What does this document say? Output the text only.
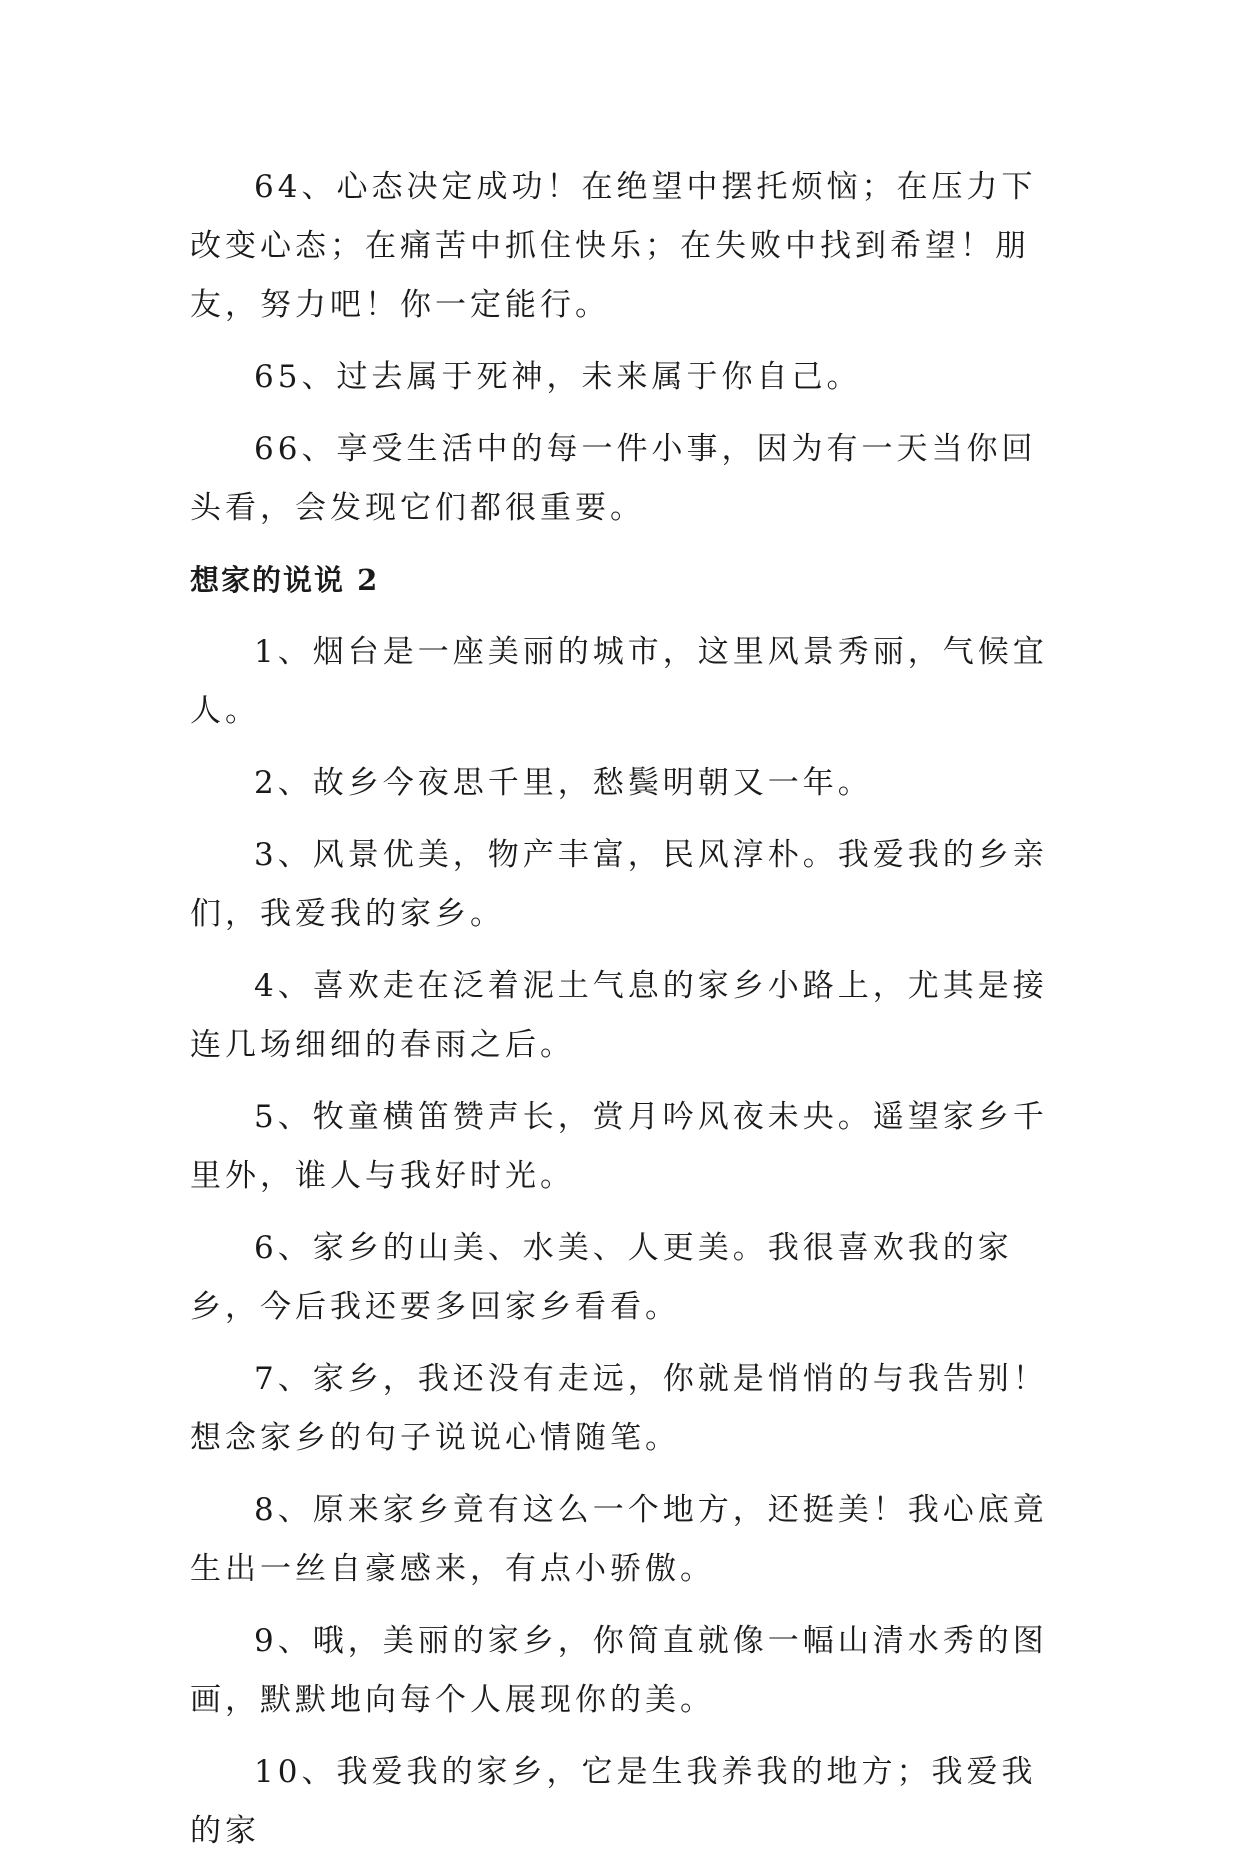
64、心态决定成功！在绝望中摆托烦恼；在压力下改变心态；在痛苦中抓住快乐；在失败中找到希望！朋友，努力吧！你一定能行。

65、过去属于死神，未来属于你自己。

66、享受生活中的每一件小事，因为有一天当你回头看，会发现它们都很重要。

想家的说说 2

1、烟台是一座美丽的城市，这里风景秀丽，气候宜人。

2、故乡今夜思千里，愁鬓明朝又一年。

3、风景优美，物产丰富，民风淳朴。我爱我的乡亲们，我爱我的家乡。

4、喜欢走在泛着泥土气息的家乡小路上，尤其是接连几场细细的春雨之后。

5、牧童横笛赞声长，赏月吟风夜未央。遥望家乡千里外，谁人与我好时光。

6、家乡的山美、水美、人更美。我很喜欢我的家乡，今后我还要多回家乡看看。

7、家乡，我还没有走远，你就是悄悄的与我告别！想念家乡的句子说说心情随笔。

8、原来家乡竟有这么一个地方，还挺美！我心底竟生出一丝自豪感来，有点小骄傲。

9、哦，美丽的家乡，你简直就像一幅山清水秀的图画，默默地向每个人展现你的美。

10、我爱我的家乡，它是生我养我的地方；我爱我的家
